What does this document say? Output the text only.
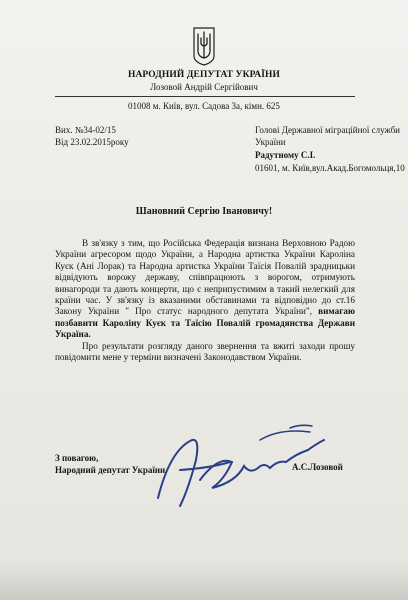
НАРОДНИЙ ДЕПУТАТ УКРАЇНИ
Лозовой Андрій Сергійович
01008 м. Київ, вул. Садова 3а, кімн. 625
Вих. №34-02/15
Від 23.02.2015року
Голові Державної міграційної служби
України
Радутному С.І.
01601, м. Київ,вул.Акад.Богомольця,10
Шановний Сергію Івановичу!

В зв'язку з тим, що Російська Федерація визнана Верховною Радою України агресором щодо України, а Народна артистка України Кароліна Куєк (Ані Лорак) та Народна артистка України Таїсія Повалій зрадницьки відвідують ворожу державу, співпрацюють з ворогом, отримують винагороди та дають концерти, що є неприпустимим в такий нелегкий для країни час. У зв'язку із вказаними обставинами та відповідно до ст.16 Закону України " Про статус народного депутата України", вимагаю позбавити Кароліну Куєк та Таїсію Повалій громадянства Держави Україна.

Про результати розгляду даного звернення та вжиті заходи прошу повідомити мене у терміни визначені Законодавством України.

З повагою,
Народний депутат України	А.С.Лозовой
